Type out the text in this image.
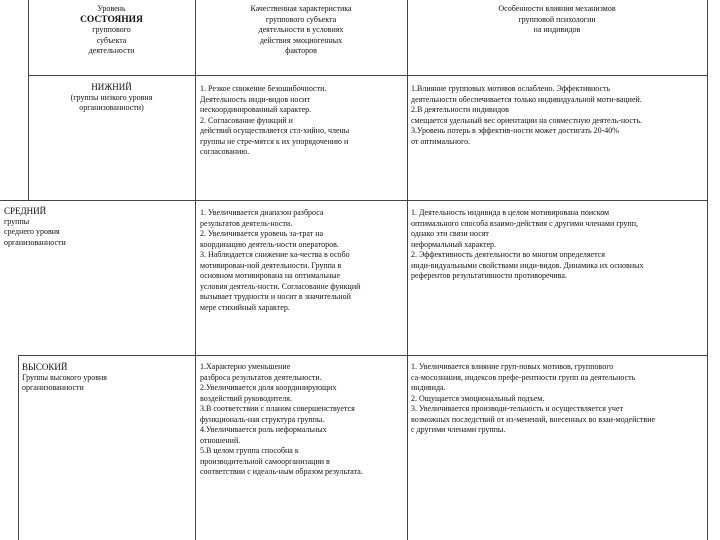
Уровень
СОСТОЯНИЯ
группового
субъекта
деятельности
Качественная характеристика
группового субъекта
деятельности в условиях
действия эмоциогенных
факторов
Особенности влияния механизмов
групповой психологии
на индивидов
НИЖНИЙ
(группы низкого уровня
организованности)
1. Резкое снижение безошибочности.
Деятельность инди-видов носит
нескоординированный характер.
2. Согласование функций и
действий осуществляется стл-хийно, члены
группы не стре-мятся к их упорядочению и
согласованию.
1.Влияние групповых мотивов ослаблено. Эффективность
деятельности обеспечивается только индивидуальной моти-вацией.
2.В деятельности индивидов
смещается удельный вес ориентации на совместную деятель-ность.
3.Уровень потерь в эффектив-ности может достигать 20-40%
от оптимального.
СРЕДНИЙ
группы
среднего уровня
организованности
1. Увеличивается диапазон разброса
результатов деятель-ности.
2. Увеличивается уровень за-трат на
координацию деятель-ности операторов.
3. Наблюдается снижение ка-чества в особо
мотивирован-ной деятельности. Группа в
основном мотивирована на оптимальные
условия деятель-ности. Согласование функций
вызывает трудности и носит в значительной
мере стихийный характер.
1. Деятельность индивида в целом мотивирована поиском
оптимального способа взаимо-действия с другими членами групп,
однако эти связи носят
неформальный характер.
2. Эффективность деятельности во многом определяется
инди-видуальными свойствами инди-видов. Динамика их основных
референтов результативности противоречива.
ВЫСОКИЙ
Группы высокого уровня
организованности
1.Характерно уменьшение
разброса результатов деятельности.
2.Увеличивается доля координирующих
воздействий руководителя.
3.В соответствии с планом совершенствуется
функциональ-ная структура группы.
4.Увеличивается роль неформальных
отношений.
5.В целом группа способна к
производительной самоорганизации в
соответствии с идеаль-ным образом результата.
1. Увеличивается влияние груп-повых мотивов, группового
са-мосознания, индексов префе-рентности групп на деятельность
индивида.
2. Ощущается эмоциональный подъем.
3. Увеличивается производи-тельность и осуществляется учет
возможных последствий от из-менений, внесенных во взаи-модействие
с другими членами группы.
